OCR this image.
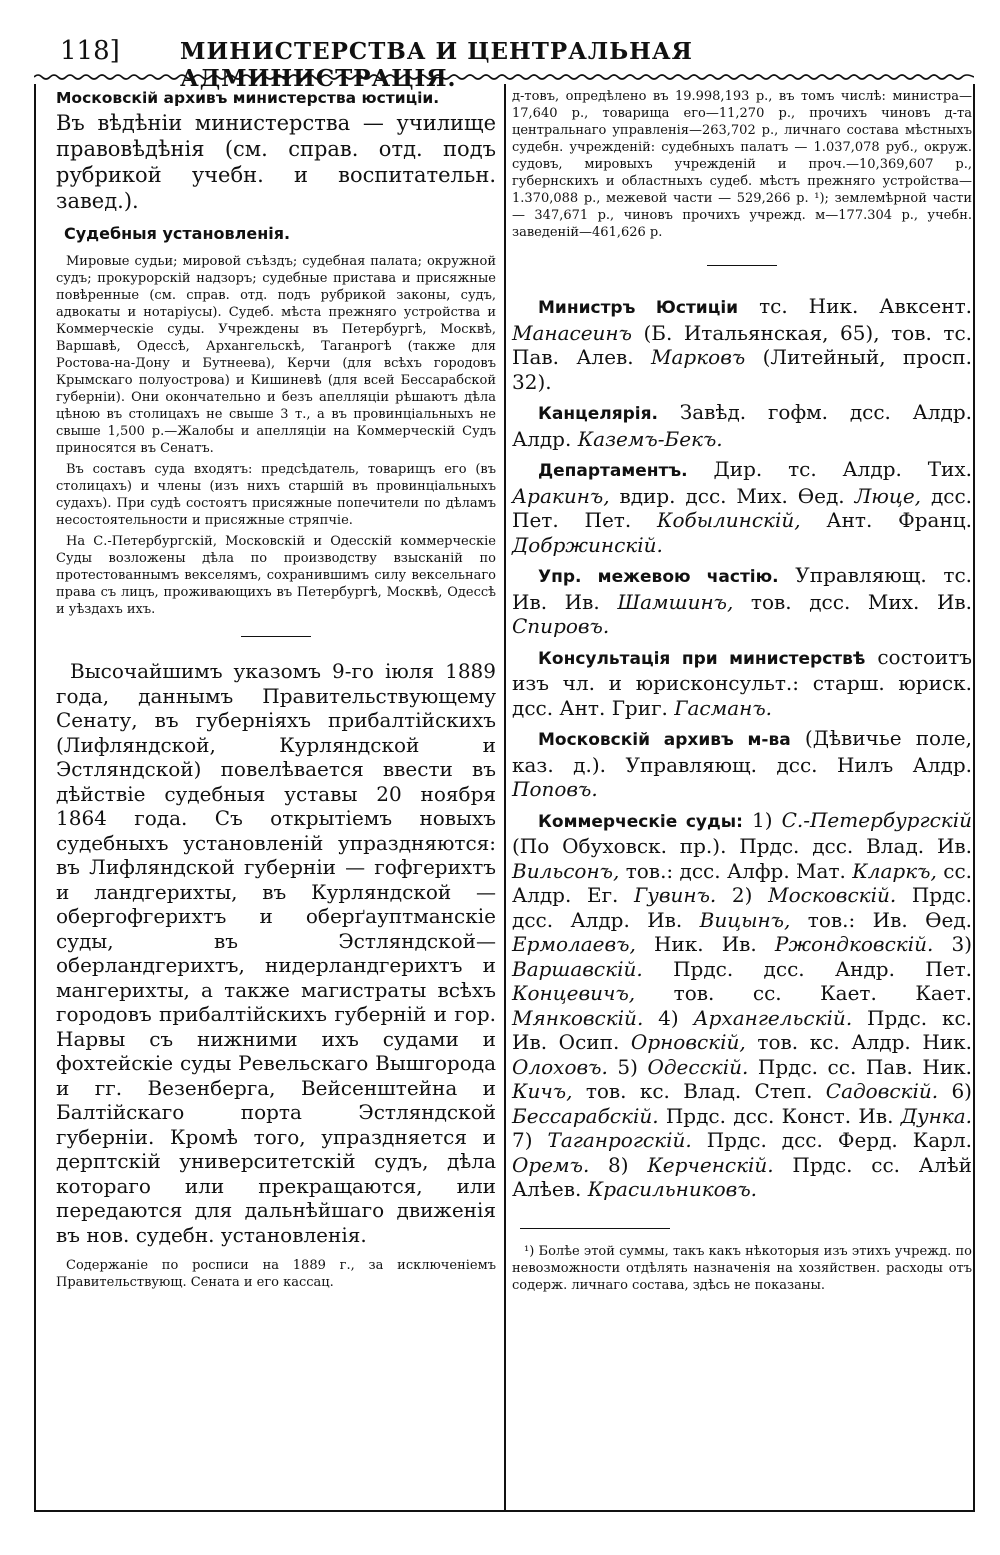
118]	МИНИСТЕРСТВА И ЦЕНТРАЛЬНАЯ АДМИНИСТРАЦІЯ.

Московскій архивъ министерства юстиціи.

Въ вѣдѣніи министерства — училище правовѣдѣнія (см. справ. отд. подъ рубрикой учебн. и воспитательн. завед.).

Судебныя установленія.

Мировые судьи; мировой съѣздъ; судебная палата; окружной судъ; прокурорскій надзоръ; судебные пристава и присяжные повѣренные (см. справ. отд. подъ рубрикой законы, судъ, адвокаты и нотаріусы). Судеб. мѣста прежняго устройства и Коммерческіе суды. Учреждены въ Петербургѣ, Москвѣ, Варшавѣ, Одессѣ, Архангельскѣ, Таганрогѣ (также для Ростова-на-Дону и Бутнеева), Керчи (для всѣхъ городовъ Крымскаго полуострова) и Кишиневѣ (для всей Бессарабской губерніи). Они окончательно и безъ апелляціи рѣшаютъ дѣла цѣною въ столицахъ не свыше 3 т., а въ провинціальныхъ не свыше 1,500 р.—Жалобы и апелляціи на Коммерческій Судъ приносятся въ Сенатъ.

Въ составъ суда входятъ: предсѣдатель, товарищъ его (въ столицахъ) и члены (изъ нихъ старшій въ провинціальныхъ судахъ). При судѣ состоятъ присяжные попечители по дѣламъ несостоятельности и присяжные стряпчіе.

На С.-Петербургскій, Московскій и Одесскій коммерческіе Суды возложены дѣла по производству взысканій по протестованнымъ векселямъ, сохранившимъ силу вексельнаго права съ лицъ, проживающихъ въ Петербургѣ, Москвѣ, Одессѣ и уѣздахъ ихъ.

Высочайшимъ указомъ 9-го іюля 1889 года, даннымъ Правительствующему Сенату, въ губерніяхъ прибалтійскихъ (Лифляндской, Курляндской и Эстляндской) повелѣвается ввести въ дѣйствіе судебныя уставы 20 ноября 1864 года. Съ открытіемъ новыхъ судебныхъ установленій упраздняются: въ Лифляндской губерніи — гофгерихтъ и ландгерихты, въ Курляндской — обергофгерихтъ и оберґауптманскіе суды, въ Эстляндской—оберландгерихтъ, нидерландгерихтъ и мангерихты, а также магистраты всѣхъ городовъ прибалтійскихъ губерній и гор. Нарвы съ нижними ихъ судами и фохтейскіе суды Ревельскаго Вышгорода и гг. Везенберга, Вейсенштейна и Балтійскаго порта Эстляндской губерніи. Кромѣ того, упраздняется и дерптскій университетскій судъ, дѣла котораго или прекращаются, или передаются для дальнѣйшаго движенія въ нов. судебн. установленія.

Содержаніе по росписи на 1889 г., за исключеніемъ Правительствующ. Сената и его кассац.

д-товъ, опредѣлено въ 19.998,193 р., въ томъ числѣ: министра—17,640 р., товарища его—11,270 р., прочихъ чиновъ д-та центральнаго управленія—263,702 р., личнаго состава мѣстныхъ судебн. учрежденій: судебныхъ палатъ — 1.037,078 руб., окруж. судовъ, мировыхъ учрежденій и проч.—10,369,607 р., губернскихъ и областныхъ судеб. мѣстъ прежняго устройства—1.370,088 р., межевой части — 529,266 р. ¹); землемѣрной части — 347,671 р., чиновъ прочихъ учрежд. м—177.304 р., учебн. заведеній—461,626 р.

Министръ Юстиціи тс. Ник. Авксент. Манасеинъ (Б. Итальянская, 65), тов. тс. Пав. Алев. Марковъ (Литейный, просп. 32).

Канцелярія. Завѣд. гофм. дсс. Алдр. Алдр. Каземъ-Бекъ.

Департаментъ. Дир. тс. Алдр. Тих. Аракинъ, вдир. дсс. Мих. Ѳед. Люце, дсс. Пет. Пет. Кобылинскій, Ант. Франц. Добржинскій.

Упр. межевою частію. Управляющ. тс. Ив. Ив. Шамшинъ, тов. дсс. Мих. Ив. Спировъ.

Консультація при министерствѣ состоитъ изъ чл. и юрисконсульт.: старш. юриск. дсс. Ант. Григ. Гасманъ.

Московскій архивъ м-ва (Дѣвичье поле, каз. д.). Управляющ. дсс. Нилъ Алдр. Поповъ.

Коммерческіе суды: 1) С.-Петербургскій (По Обуховск. пр.). Прдс. дсс. Влад. Ив. Вильсонъ, тов.: дсс. Алфр. Мат. Кларкъ, сс. Алдр. Ег. Гувинъ. 2) Московскій. Прдс. дсс. Алдр. Ив. Вицынъ, тов.: Ив. Ѳед. Ермолаевъ, Ник. Ив. Ржондковскій. 3) Варшавскій. Прдс. дсс. Андр. Пет. Концевичъ, тов. сс. Кает. Кает. Мянковскій. 4) Архангельскій. Прдс. кс. Ив. Осип. Орновскій, тов. кс. Алдр. Ник. Олоховъ. 5) Одесскій. Прдс. сс. Пав. Ник. Кичъ, тов. кс. Влад. Степ. Садовскій. 6) Бессарабскій. Прдс. дсс. Конст. Ив. Дунка. 7) Таганрогскій. Прдс. дсс. Ферд. Карл. Оремъ. 8) Керченскій. Прдс. сс. Алѣй Алѣев. Красильниковъ.

¹) Болѣе этой суммы, такъ какъ нѣкоторыя изъ этихъ учрежд. по невозможности отдѣлять назначенія на хозяйствен. расходы отъ содерж. личнаго состава, здѣсь не показаны.
